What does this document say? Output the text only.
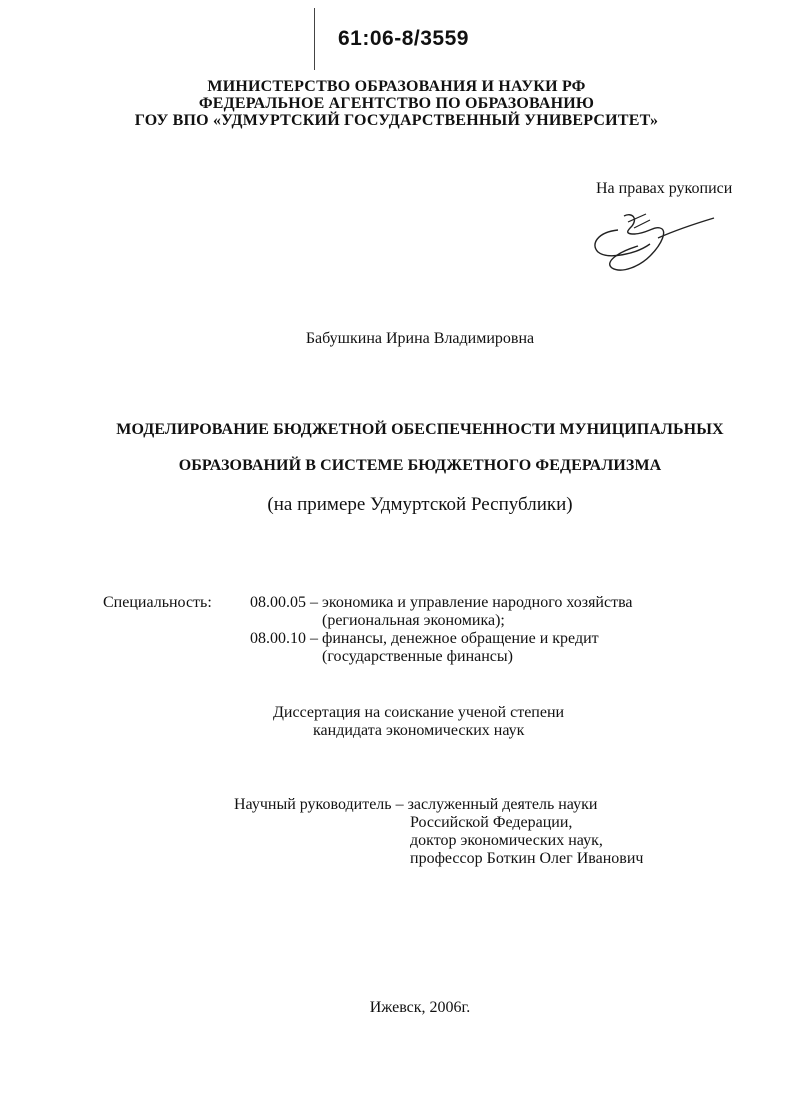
61:06-8/3559
МИНИСТЕРСТВО ОБРАЗОВАНИЯ И НАУКИ РФ
ФЕДЕРАЛЬНОЕ АГЕНТСТВО ПО ОБРАЗОВАНИЮ
ГОУ ВПО «УДМУРТСКИЙ ГОСУДАРСТВЕННЫЙ УНИВЕРСИТЕТ»
На правах рукописи
Бабушкина Ирина Владимировна
МОДЕЛИРОВАНИЕ БЮДЖЕТНОЙ ОБЕСПЕЧЕННОСТИ МУНИЦИПАЛЬНЫХ
ОБРАЗОВАНИЙ В СИСТЕМЕ БЮДЖЕТНОГО ФЕДЕРАЛИЗМА
(на примере Удмуртской Республики)
Специальность: 08.00.05 – экономика и управление народного хозяйства
(региональная экономика);
08.00.10 – финансы, денежное обращение и кредит
(государственные финансы)
Диссертация на соискание ученой степени
кандидата экономических наук
Научный руководитель – заслуженный деятель науки
Российской Федерации,
доктор экономических наук,
профессор Боткин Олег Иванович
Ижевск, 2006г.
